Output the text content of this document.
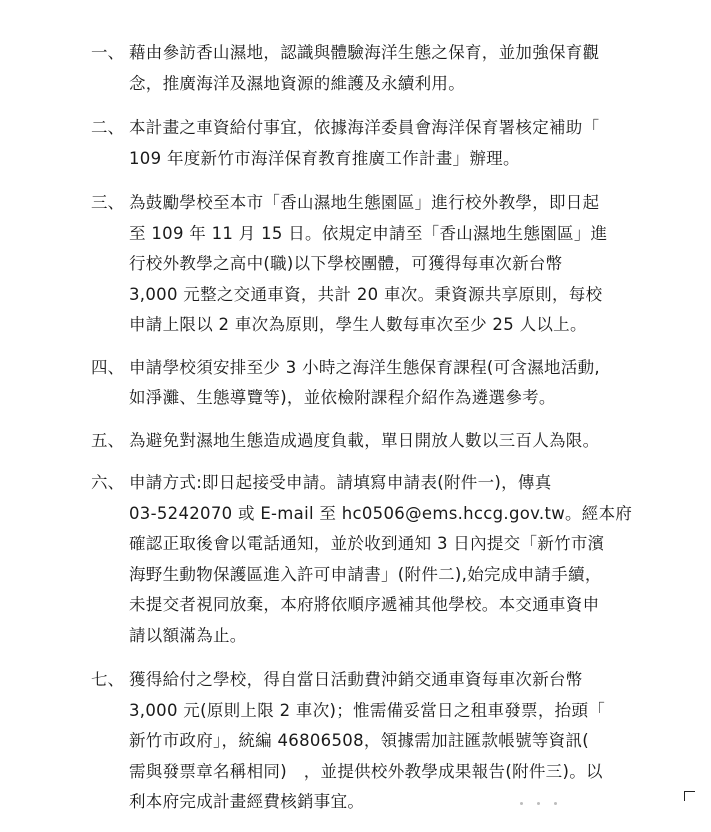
一、 藉由參訪香山濕地，認識與體驗海洋生態之保育，並加強保育觀
念，推廣海洋及濕地資源的維護及永續利用。
二、 本計畫之車資給付事宜，依據海洋委員會海洋保育署核定補助「
109 年度新竹市海洋保育教育推廣工作計畫」辦理。
三、 為鼓勵學校至本市「香山濕地生態園區」進行校外教學，即日起
至 109 年 11 月 15 日。依規定申請至「香山濕地生態園區」進
行校外教學之高中(職)以下學校團體，可獲得每車次新台幣
3,000 元整之交通車資，共計 20 車次。秉資源共享原則，每校
申請上限以 2 車次為原則，學生人數每車次至少 25 人以上。
四、 申請學校須安排至少 3 小時之海洋生態保育課程(可含濕地活動,
如淨灘、生態導覽等)，並依檢附課程介紹作為遴選參考。
五、 為避免對濕地生態造成過度負載，單日開放人數以三百人為限。
六、 申請方式:即日起接受申請。請填寫申請表(附件一)，傳真
03-5242070 或 E-mail 至 hc0506@ems.hccg.gov.tw。經本府
確認正取後會以電話通知，並於收到通知 3 日內提交「新竹市濱
海野生動物保護區進入許可申請書」(附件二),始完成申請手續，
未提交者視同放棄，本府將依順序遞補其他學校。本交通車資申
請以額滿為止。
七、 獲得給付之學校，得自當日活動費沖銷交通車資每車次新台幣
3,000 元(原則上限 2 車次)；惟需備妥當日之租車發票，抬頭「
新竹市政府」，統編 46806508，領據需加註匯款帳號等資訊(
需與發票章名稱相同)　，並提供校外教學成果報告(附件三)。以
利本府完成計畫經費核銷事宜。
